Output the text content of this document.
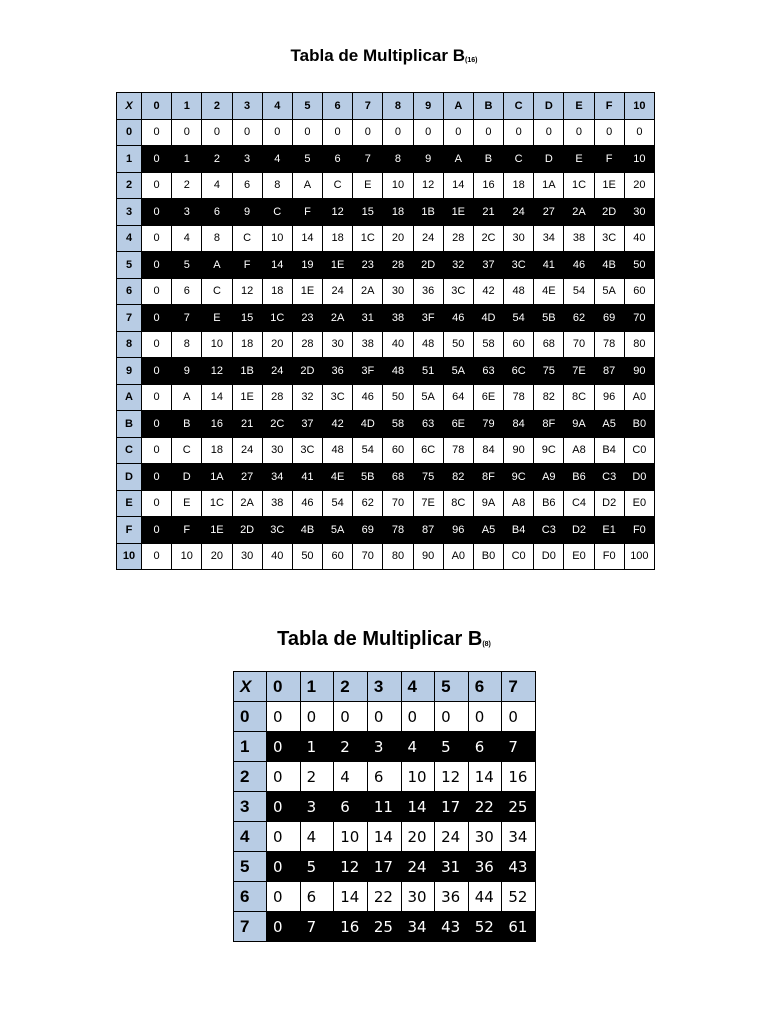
Tabla de Multiplicar $B_{(16)}$
X	0	1	2	3	4	5	6	7	8	9	A	B	C	D	E	F	10
0	0	0	0	0	0	0	0	0	0	0	0	0	0	0	0	0	0
1	0	1	2	3	4	5	6	7	8	9	A	B	C	D	E	F	10
2	0	2	4	6	8	A	C	E	10	12	14	16	18	1A	1C	1E	20
3	0	3	6	9	C	F	12	15	18	1B	1E	21	24	27	2A	2D	30
4	0	4	8	C	10	14	18	1C	20	24	28	2C	30	34	38	3C	40
5	0	5	A	F	14	19	1E	23	28	2D	32	37	3C	41	46	4B	50
6	0	6	C	12	18	1E	24	2A	30	36	3C	42	48	4E	54	5A	60
7	0	7	E	15	1C	23	2A	31	38	3F	46	4D	54	5B	62	69	70
8	0	8	10	18	20	28	30	38	40	48	50	58	60	68	70	78	80
9	0	9	12	1B	24	2D	36	3F	48	51	5A	63	6C	75	7E	87	90
A	0	A	14	1E	28	32	3C	46	50	5A	64	6E	78	82	8C	96	A0
B	0	B	16	21	2C	37	42	4D	58	63	6E	79	84	8F	9A	A5	B0
C	0	C	18	24	30	3C	48	54	60	6C	78	84	90	9C	A8	B4	C0
D	0	D	1A	27	34	41	4E	5B	68	75	82	8F	9C	A9	B6	C3	D0
E	0	E	1C	2A	38	46	54	62	70	7E	8C	9A	A8	B6	C4	D2	E0
F	0	F	1E	2D	3C	4B	5A	69	78	87	96	A5	B4	C3	D2	E1	F0
10	0	10	20	30	40	50	60	70	80	90	A0	B0	C0	D0	E0	F0	100
Tabla de Multiplicar $B_{(8)}$
X	0	1	2	3	4	5	6	7
0	0	0	0	0	0	0	0	0
1	0	1	2	3	4	5	6	7
2	0	2	4	6	10	12	14	16
3	0	3	6	11	14	17	22	25
4	0	4	10	14	20	24	30	34
5	0	5	12	17	24	31	36	43
6	0	6	14	22	30	36	44	52
7	0	7	16	25	34	43	52	61
